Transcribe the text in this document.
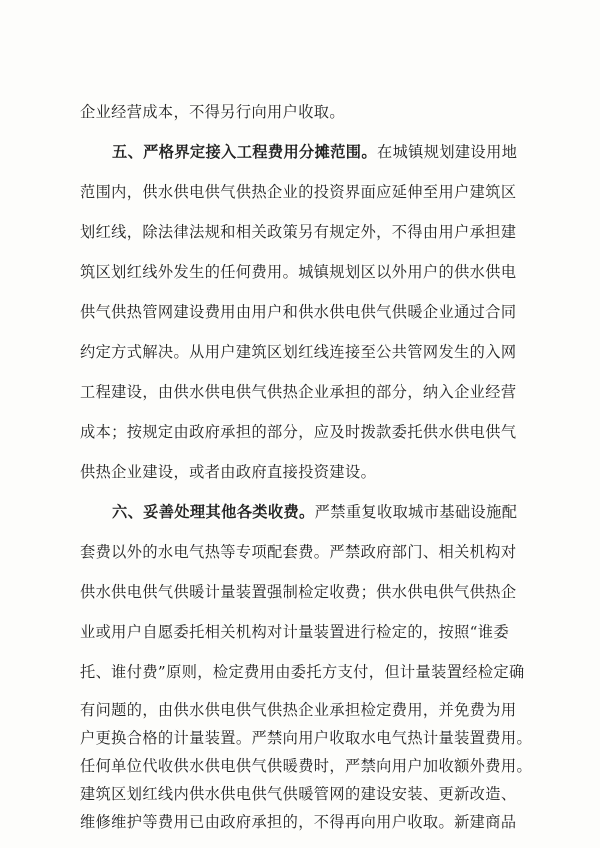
企业经营成本，不得另行向用户收取。
五、严格界定接入工程费用分摊范围。在城镇规划建设用地
范围内，供水供电供气供热企业的投资界面应延伸至用户建筑区
划红线，除法律法规和相关政策另有规定外，不得由用户承担建
筑区划红线外发生的任何费用。城镇规划区以外用户的供水供电
供气供热管网建设费用由用户和供水供电供气供暖企业通过合同
约定方式解决。从用户建筑区划红线连接至公共管网发生的入网
工程建设，由供水供电供气供热企业承担的部分，纳入企业经营
成本；按规定由政府承担的部分，应及时拨款委托供水供电供气
供热企业建设，或者由政府直接投资建设。
六、妥善处理其他各类收费。严禁重复收取城市基础设施配
套费以外的水电气热等专项配套费。严禁政府部门、相关机构对
供水供电供气供暖计量装置强制检定收费；供水供电供气供热企
业或用户自愿委托相关机构对计量装置进行检定的，按照“谁委
托、谁付费”原则，检定费用由委托方支付，但计量装置经检定确
有问题的，由供水供电供气供热企业承担检定费用，并免费为用
户更换合格的计量装置。严禁向用户收取水电气热计量装置费用。
任何单位代收供水供电供气供暖费时，严禁向用户加收额外费用。
建筑区划红线内供水供电供气供暖管网的建设安装、更新改造、
维修维护等费用已由政府承担的，不得再向用户收取。新建商品
